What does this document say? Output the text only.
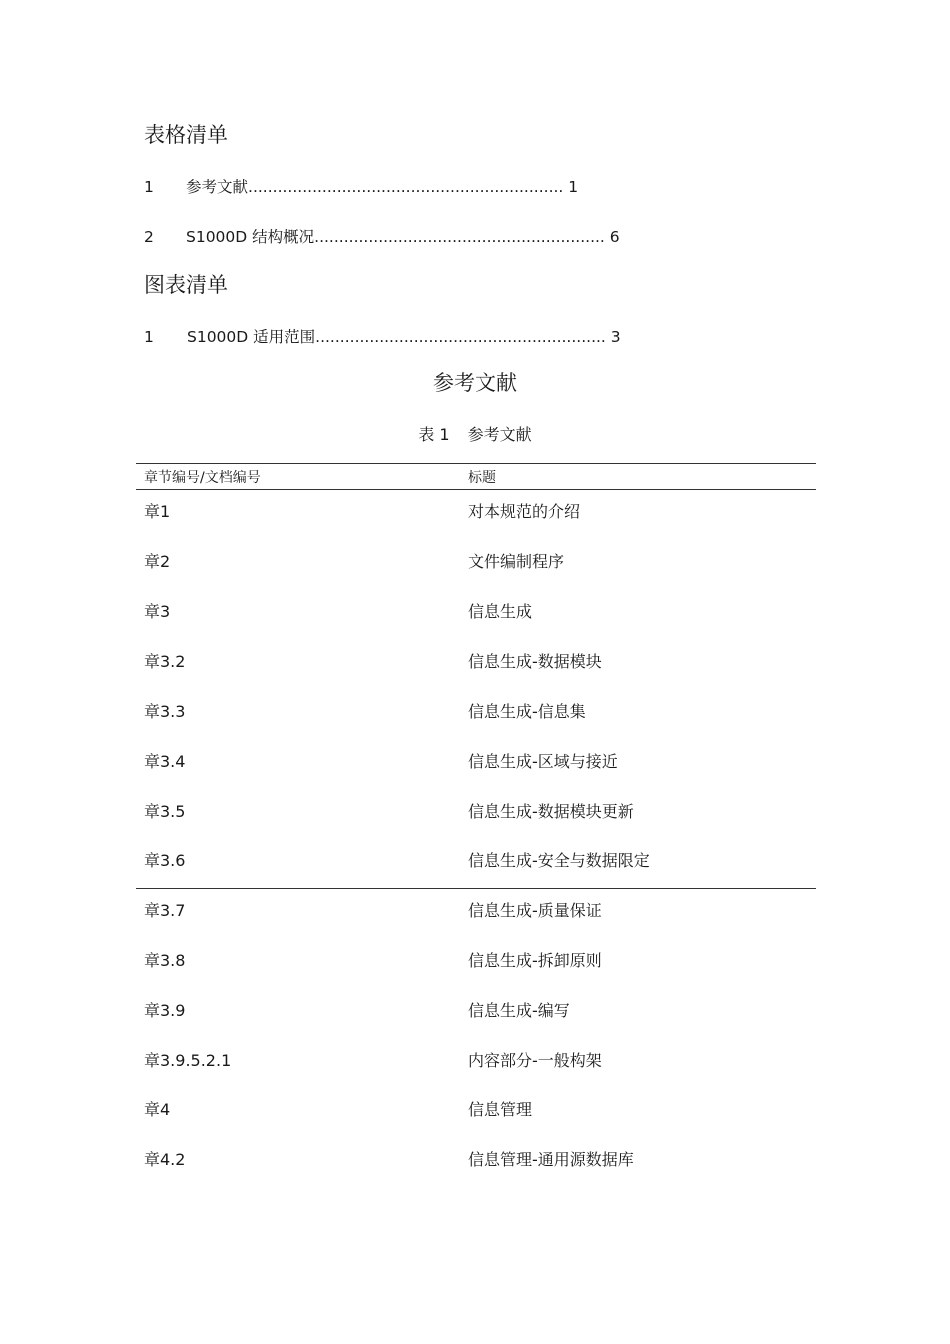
表格清单
1 参考文献................................................................ 1
2 S1000D 结构概况........................................................... 6
图表清单
1 S1000D 适用范围........................................................... 3
参考文献
表 1 参考文献
章节编号/文档编号	标题
章1	对本规范的介绍
章2	文件编制程序
章3	信息生成
章3.2	信息生成-数据模块
章3.3	信息生成-信息集
章3.4	信息生成-区域与接近
章3.5	信息生成-数据模块更新
章3.6	信息生成-安全与数据限定
章3.7	信息生成-质量保证
章3.8	信息生成-拆卸原则
章3.9	信息生成-编写
章3.9.5.2.1	内容部分-一般构架
章4	信息管理
章4.2	信息管理-通用源数据库
